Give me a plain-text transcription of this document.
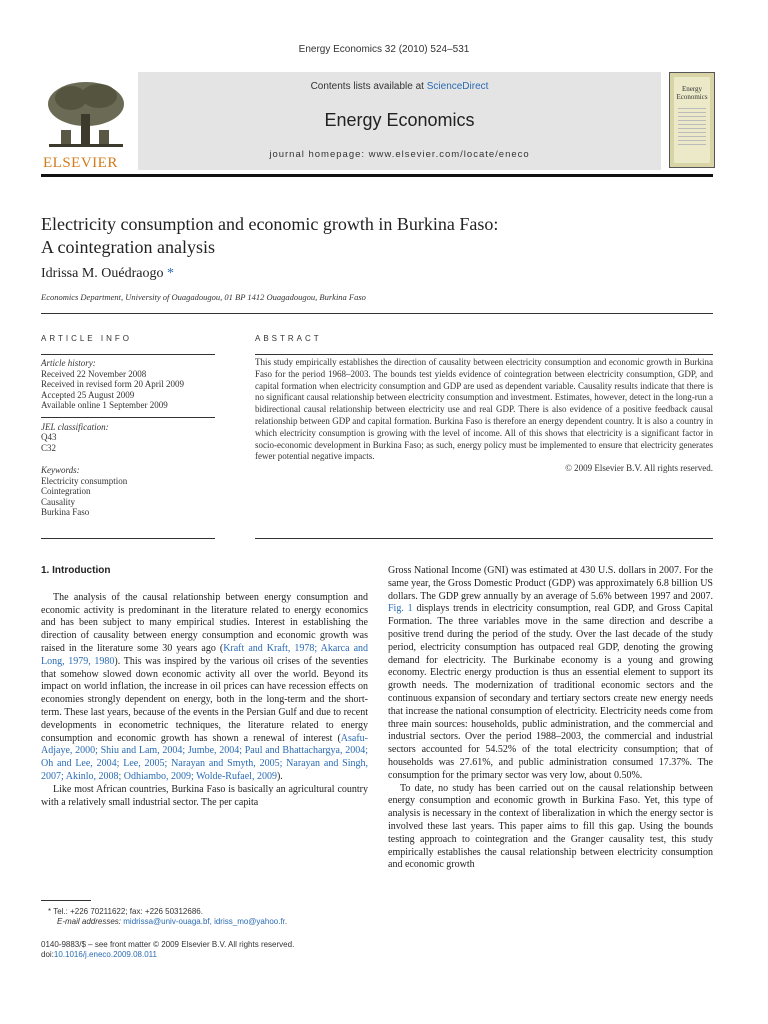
Energy Economics 32 (2010) 524–531
ELSEVIER
Contents lists available at ScienceDirect
Energy Economics
journal homepage: www.elsevier.com/locate/eneco
Energy Economics
Electricity consumption and economic growth in Burkina Faso:
A cointegration analysis
Idrissa M. Ouédraogo *
Economics Department, University of Ouagadougou, 01 BP 1412 Ouagadougou, Burkina Faso
ARTICLE INFO	ABSTRACT
Article history:
Received 22 November 2008
Received in revised form 20 April 2009
Accepted 25 August 2009
Available online 1 September 2009
JEL classification:
Q43
C32
Keywords:
Electricity consumption
Cointegration
Causality
Burkina Faso
This study empirically establishes the direction of causality between electricity consumption and economic growth in Burkina Faso for the period 1968–2003. The bounds test yields evidence of cointegration between electricity consumption, GDP, and capital formation when electricity consumption and GDP are used as dependent variable. Causality results indicate that there is no significant causal relationship between electricity consumption and investment. Estimates, however, detect in the long-run a bidirectional causal relationship between electricity use and real GDP. There is also evidence of a positive feedback causal relationship between GDP and capital formation. Burkina Faso is therefore an energy dependent country. It is also a country in which electricity consumption is growing with the level of income. All of this shows that electricity is a significant factor in socio-economic development in Burkina Faso; as such, energy policy must be implemented to ensure that electricity generates fewer potential negative impacts.
© 2009 Elsevier B.V. All rights reserved.
1. Introduction

The analysis of the causal relationship between energy consumption and economic activity is predominant in the literature related to energy economics and has been subject to many empirical studies. Interest in establishing the direction of causality between energy consumption and economic growth was raised in the literature some 30 years ago (Kraft and Kraft, 1978; Akarca and Long, 1979, 1980). This was inspired by the various oil crises of the seventies that somehow slowed down economic activity all over the world. Beyond its impact on world inflation, the increase in oil prices can have recession effects on economies strongly dependent on energy, both in the long-term and the short-term. These last years, because of the events in the Persian Gulf and due to recent developments in econometric techniques, the literature related to energy consumption and economic growth has shown a renewal of interest (Asafu-Adjaye, 2000; Shiu and Lam, 2004; Jumbe, 2004; Paul and Bhattachargya, 2004; Oh and Lee, 2004; Lee, 2005; Narayan and Smyth, 2005; Narayan and Singh, 2007; Akinlo, 2008; Odhiambo, 2009; Wolde-Rufael, 2009).

Like most African countries, Burkina Faso is basically an agricultural country with a relatively small industrial sector. The per capita

Gross National Income (GNI) was estimated at 430 U.S. dollars in 2007. For the same year, the Gross Domestic Product (GDP) was approximately 6.8 billion US dollars. The GDP grew annually by an average of 5.6% between 1997 and 2007. Fig. 1 displays trends in electricity consumption, real GDP, and Gross Capital Formation. The three variables move in the same direction and describe a positive trend during the period of the study. Over the last decade of the study period, electricity consumption has outpaced real GDP, denoting the growing demand for electricity. The Burkinabe economy is a young and growing economy. Electric energy production is thus an essential element to support its growth needs. The modernization of traditional economic sectors and the continuous expansion of secondary and tertiary sectors create new energy needs that increase the national consumption of electricity. Electricity needs come from three main sources: households, public administration, and the commercial and industrial sectors. Over the period 1988–2003, the commercial and industrial sectors accounted for 54.52% of the total electricity consumption; that of households was 27.61%, and public administration consumed 17.37%. The consumption for the primary sector was very low, about 0.50%.

To date, no study has been carried out on the causal relationship between energy consumption and economic growth in Burkina Faso. Yet, this type of analysis is necessary in the context of liberalization in which the energy sector is involved these last years. This paper aims to fill this gap. Using the bounds testing approach to cointegration and the Granger causality test, this study empirically establishes the causal relationship between electricity consumption and economic growth

* Tel.: +226 70211622; fax: +226 50312686.
E-mail addresses: midrissa@univ-ouaga.bf, idriss_mo@yahoo.fr.
0140-9883/$ – see front matter © 2009 Elsevier B.V. All rights reserved.
doi:10.1016/j.eneco.2009.08.011
